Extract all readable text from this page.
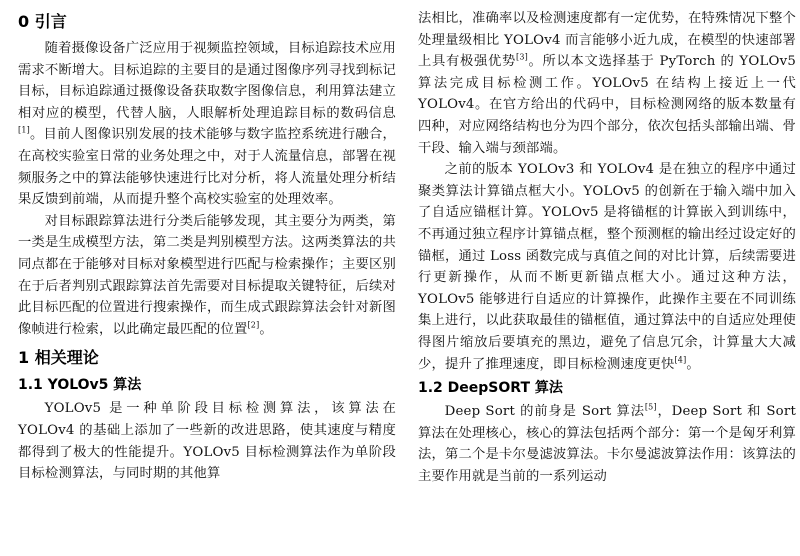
0 引言

随着摄像设备广泛应用于视频监控领域，目标追踪技术应用需求不断增大。目标追踪的主要目的是通过图像序列寻找到标记目标，目标追踪通过摄像设备获取数字图像信息，利用算法建立相对应的模型，代替人脑，人眼解析处理追踪目标的数码信息[1]。目前人图像识别发展的技术能够与数字监控系统进行融合，在高校实验室日常的业务处理之中，对于人流量信息，部署在视频服务之中的算法能够快速进行比对分析，将人流量处理分析结果反馈到前端，从而提升整个高校实验室的处理效率。

对目标跟踪算法进行分类后能够发现，其主要分为两类，第一类是生成模型方法，第二类是判别模型方法。这两类算法的共同点都在于能够对目标对象模型进行匹配与检索操作；主要区别在于后者判别式跟踪算法首先需要对目标提取关键特征，后续对此目标匹配的位置进行搜索操作，而生成式跟踪算法会针对新图像帧进行检索，以此确定最匹配的位置[2]。

1 相关理论
1.1 YOLOv5 算法

YOLOv5 是一种单阶段目标检测算法，该算法在 YOLOv4 的基础上添加了一些新的改进思路，使其速度与精度都得到了极大的性能提升。YOLOv5 目标检测算法作为单阶段目标检测算法，与同时期的其他算

法相比，准确率以及检测速度都有一定优势，在特殊情况下整个处理量级相比 YOLOv4 而言能够小近九成，在模型的快速部署上具有极强优势[3]。所以本文选择基于 PyTorch 的 YOLOv5 算法完成目标检测工作。YOLOv5 在结构上接近上一代 YOLOv4。在官方给出的代码中，目标检测网络的版本数量有四种，对应网络结构也分为四个部分，依次包括头部输出端、骨干段、输入端与颈部端。

之前的版本 YOLOv3 和 YOLOv4 是在独立的程序中通过聚类算法计算锚点框大小。YOLOv5 的创新在于输入端中加入了自适应锚框计算。YOLOv5 是将锚框的计算嵌入到训练中，不再通过独立程序计算锚点框，整个预测框的输出经过设定好的锚框，通过 Loss 函数完成与真值之间的对比计算，后续需要进行更新操作，从而不断更新锚点框大小。通过这种方法，YOLOv5 能够进行自适应的计算操作，此操作主要在不同训练集上进行，以此获取最佳的锚框值，通过算法中的自适应处理使得图片缩放后要填充的黑边，避免了信息冗余，计算量大大减少，提升了推理速度，即目标检测速度更快[4]。

1.2 DeepSORT 算法

Deep Sort 的前身是 Sort 算法[5]，Deep Sort 和 Sort 算法在处理核心，核心的算法包括两个部分：第一个是匈牙利算法，第二个是卡尔曼滤波算法。卡尔曼滤波算法作用：该算法的主要作用就是当前的一系列运动
